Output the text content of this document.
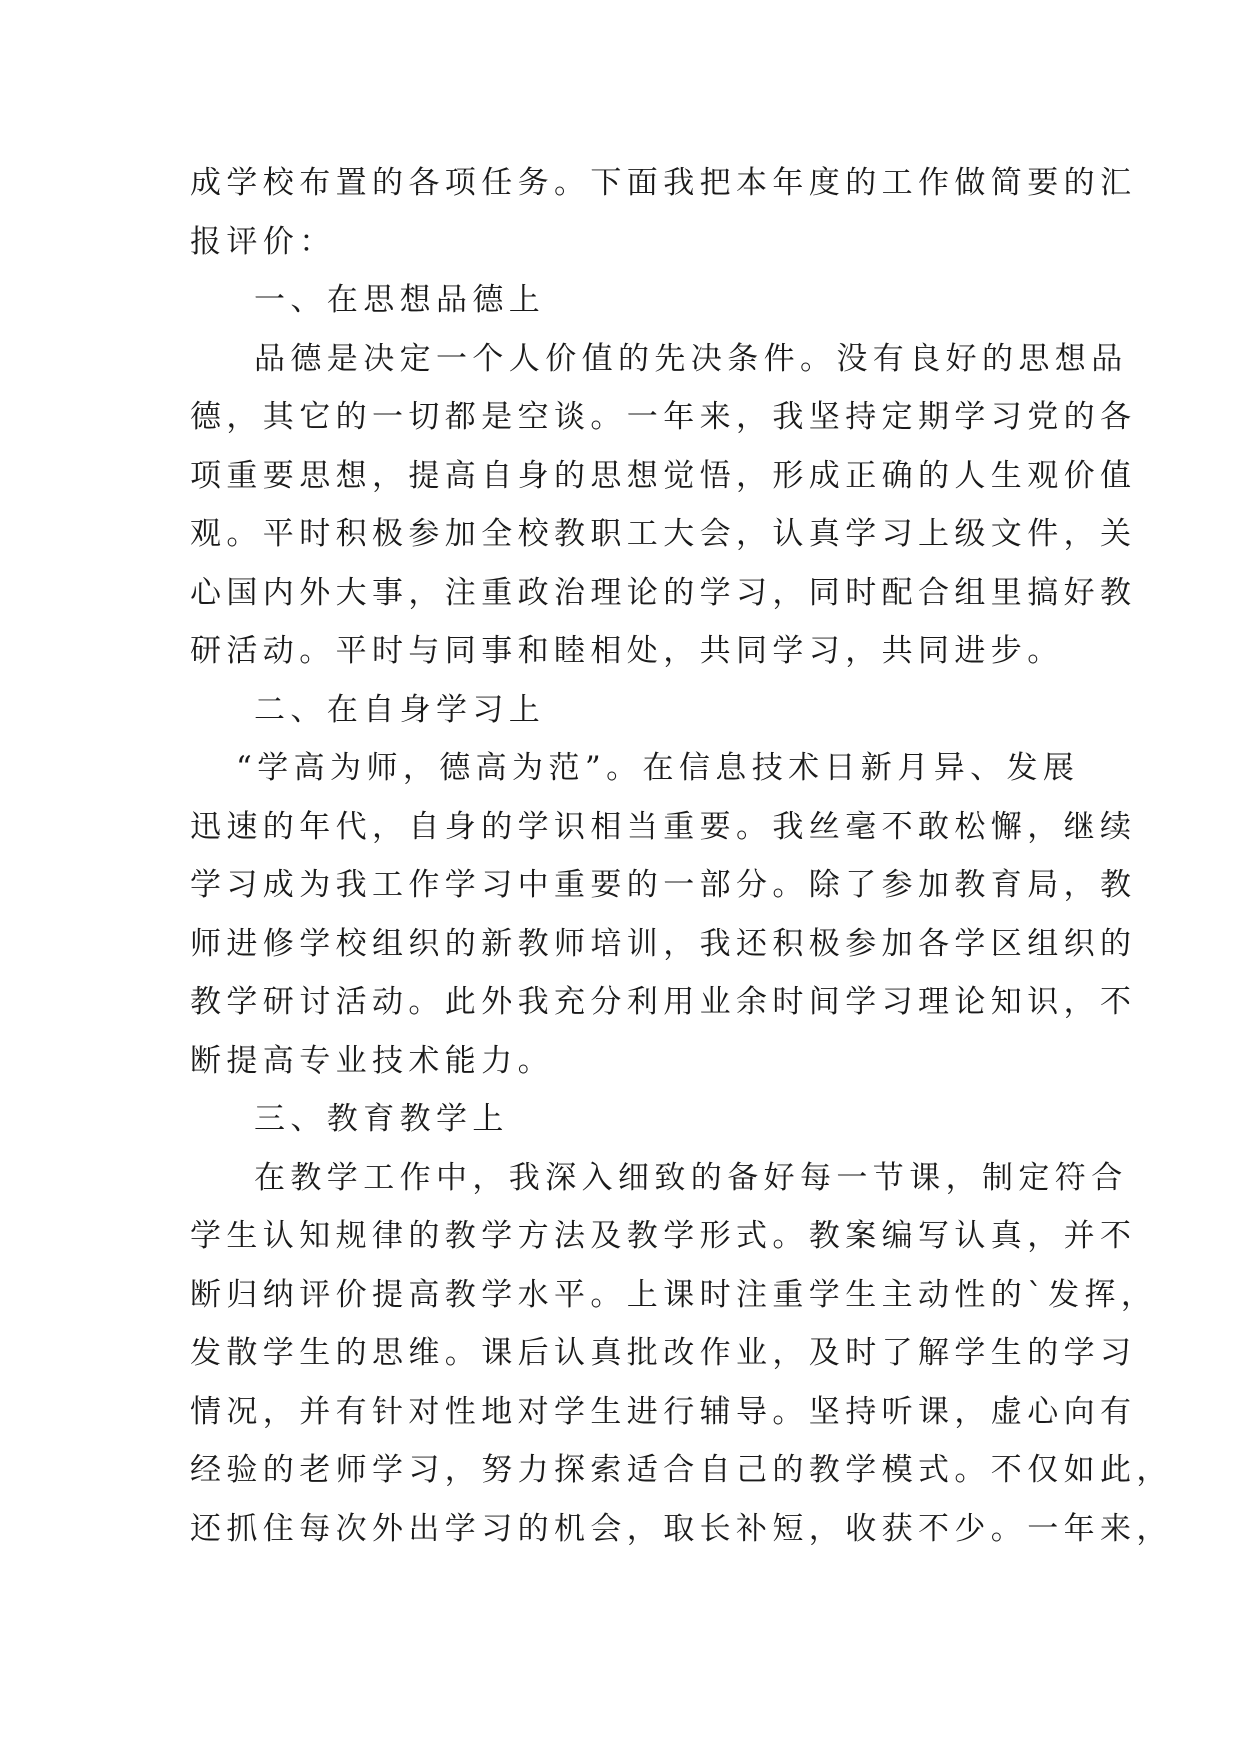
成学校布置的各项任务。下面我把本年度的工作做简要的汇
报评价：
一、在思想品德上
品德是决定一个人价值的先决条件。没有良好的思想品
德，其它的一切都是空谈。一年来，我坚持定期学习党的各
项重要思想，提高自身的思想觉悟，形成正确的人生观价值
观。平时积极参加全校教职工大会，认真学习上级文件，关
心国内外大事，注重政治理论的学习，同时配合组里搞好教
研活动。平时与同事和睦相处，共同学习，共同进步。
二、在自身学习上
“学高为师，德高为范”。在信息技术日新月异、发展
迅速的年代，自身的学识相当重要。我丝毫不敢松懈，继续
学习成为我工作学习中重要的一部分。除了参加教育局，教
师进修学校组织的新教师培训，我还积极参加各学区组织的
教学研讨活动。此外我充分利用业余时间学习理论知识，不
断提高专业技术能力。
三、教育教学上
在教学工作中，我深入细致的备好每一节课，制定符合
学生认知规律的教学方法及教学形式。教案编写认真，并不
断归纳评价提高教学水平。上课时注重学生主动性的`发挥，
发散学生的思维。课后认真批改作业，及时了解学生的学习
情况，并有针对性地对学生进行辅导。坚持听课，虚心向有
经验的老师学习，努力探索适合自己的教学模式。不仅如此，
还抓住每次外出学习的机会，取长补短，收获不少。一年来，
